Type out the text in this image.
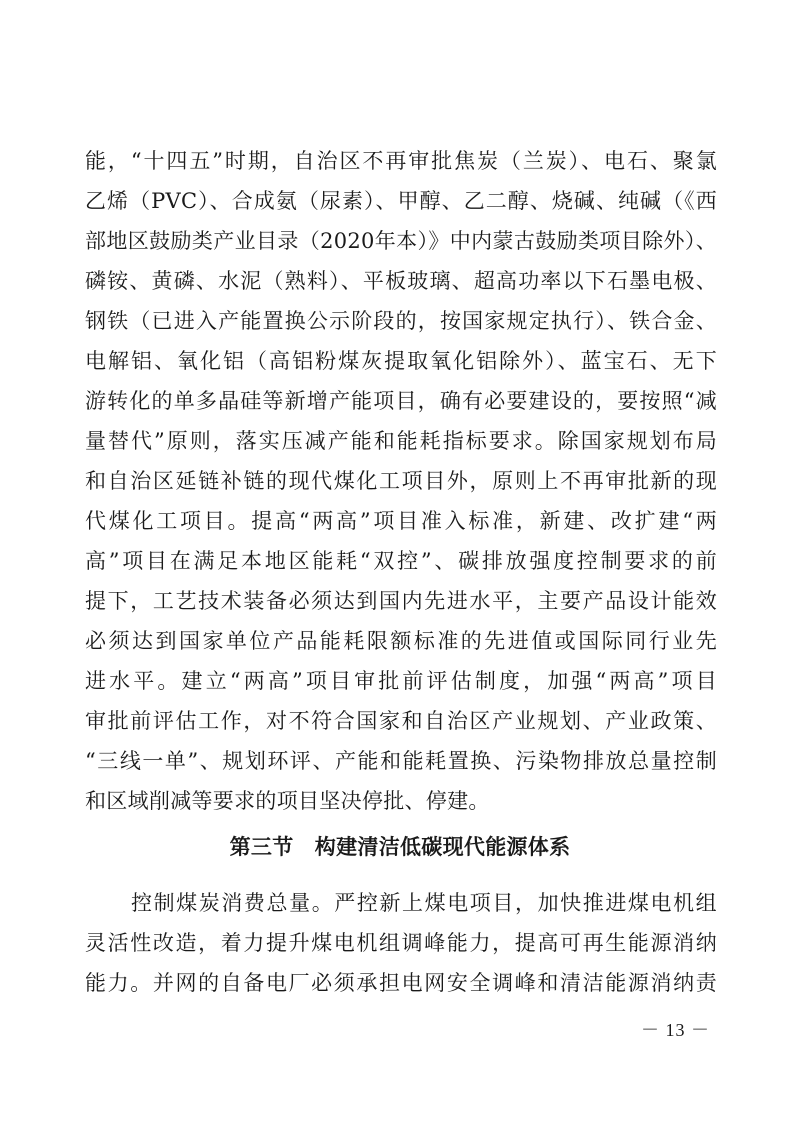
能，“十四五”时期，自治区不再审批焦炭（兰炭）、电石、聚氯
乙烯（PVC）、合成氨（尿素）、甲醇、乙二醇、烧碱、纯碱（《西
部地区鼓励类产业目录（2020年本）》中内蒙古鼓励类项目除外）、
磷铵、黄磷、水泥（熟料）、平板玻璃、超高功率以下石墨电极、
钢铁（已进入产能置换公示阶段的，按国家规定执行）、铁合金、
电解铝、氧化铝（高铝粉煤灰提取氧化铝除外）、蓝宝石、无下
游转化的单多晶硅等新增产能项目，确有必要建设的，要按照“减
量替代”原则，落实压减产能和能耗指标要求。除国家规划布局
和自治区延链补链的现代煤化工项目外，原则上不再审批新的现
代煤化工项目。提高“两高”项目准入标准，新建、改扩建“两
高”项目在满足本地区能耗“双控”、碳排放强度控制要求的前
提下，工艺技术装备必须达到国内先进水平，主要产品设计能效
必须达到国家单位产品能耗限额标准的先进值或国际同行业先
进水平。建立“两高”项目审批前评估制度，加强“两高”项目
审批前评估工作，对不符合国家和自治区产业规划、产业政策、
“三线一单”、规划环评、产能和能耗置换、污染物排放总量控制
和区域削减等要求的项目坚决停批、停建。
第三节　构建清洁低碳现代能源体系
控制煤炭消费总量。严控新上煤电项目，加快推进煤电机组
灵活性改造，着力提升煤电机组调峰能力，提高可再生能源消纳
能力。并网的自备电厂必须承担电网安全调峰和清洁能源消纳责
－ 13 －
